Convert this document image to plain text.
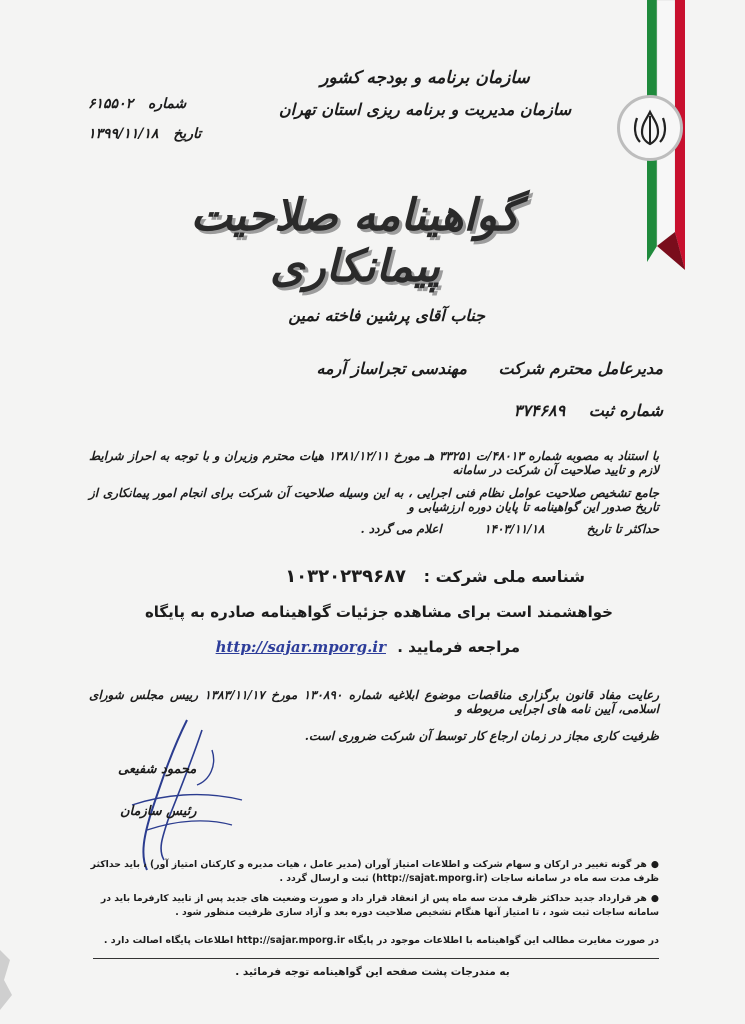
سازمان برنامه و بودجه کشور
سازمان مدیریت و برنامه ریزی استان تهران
شماره ۶۱۵۵۰۲
تاریخ ۱۳۹۹/۱۱/۱۸
گواهینامه صلاحیت پیمانکاری
جناب آقای پرشین فاخته نمین
مدیرعامل محترم شرکت مهندسی تجراساز آرمه
شماره ثبت ۳۷۴۶۸۹
با استناد به مصوبه شماره ۴۸۰۱۳/ت ۳۳۲۵۱ هـ مورخ ۱۳۸۱/۱۲/۱۱ هیات محترم وزیران و با توجه به احراز شرایط لازم و تایید صلاحیت آن شرکت در سامانه
جامع تشخیص صلاحیت عوامل نظام فنی اجرایی ، به این وسیله صلاحیت آن شرکت برای انجام امور پیمانکاری از تاریخ صدور این گواهینامه تا پایان دوره ارزشیابی و
حداکثر تا تاریخ  ۱۴۰۳/۱۱/۱۸  اعلام می گردد .
شناسه ملی شرکت : ۱۰۳۲۰۲۳۹۶۸۷
خواهشمند است برای مشاهده جزئیات گواهینامه صادره به پایگاه
مراجعه فرمایید . http://sajar.mporg.ir
رعایت مفاد قانون برگزاری مناقصات موضوع ابلاغیه شماره ۱۳۰۸۹۰ مورخ ۱۳۸۳/۱۱/۱۷ رییس مجلس شورای اسلامی، آیین نامه های اجرایی مربوطه و
ظرفیت کاری مجاز در زمان ارجاع کار توسط آن شرکت ضروری است.
محمود شفیعی
رئیس سازمان

●هر گونه تغییر در ارکان و سهام شرکت و اطلاعات امتیاز آوران (مدیر عامل ، هیات مدیره و کارکنان امتیاز آور) ، باید حداکثر ظرف مدت سه ماه در سامانه ساجات (http://sajat.mporg.ir) ثبت و ارسال گردد .

●هر قرارداد جدید حداکثر ظرف مدت سه ماه پس از انعقاد قرار داد و صورت وضعیت های جدید پس از تایید کارفرما باید در سامانه ساجات ثبت شود ، تا امتیاز آنها هنگام تشخیص صلاحیت دوره بعد و آزاد سازی ظرفیت منظور شود .

در صورت مغایرت مطالب این گواهینامه با اطلاعات موجود در پایگاه http://sajar.mporg.ir اطلاعات پایگاه اصالت دارد .
به مندرجات پشت صفحه این گواهینامه توجه فرمائید .
